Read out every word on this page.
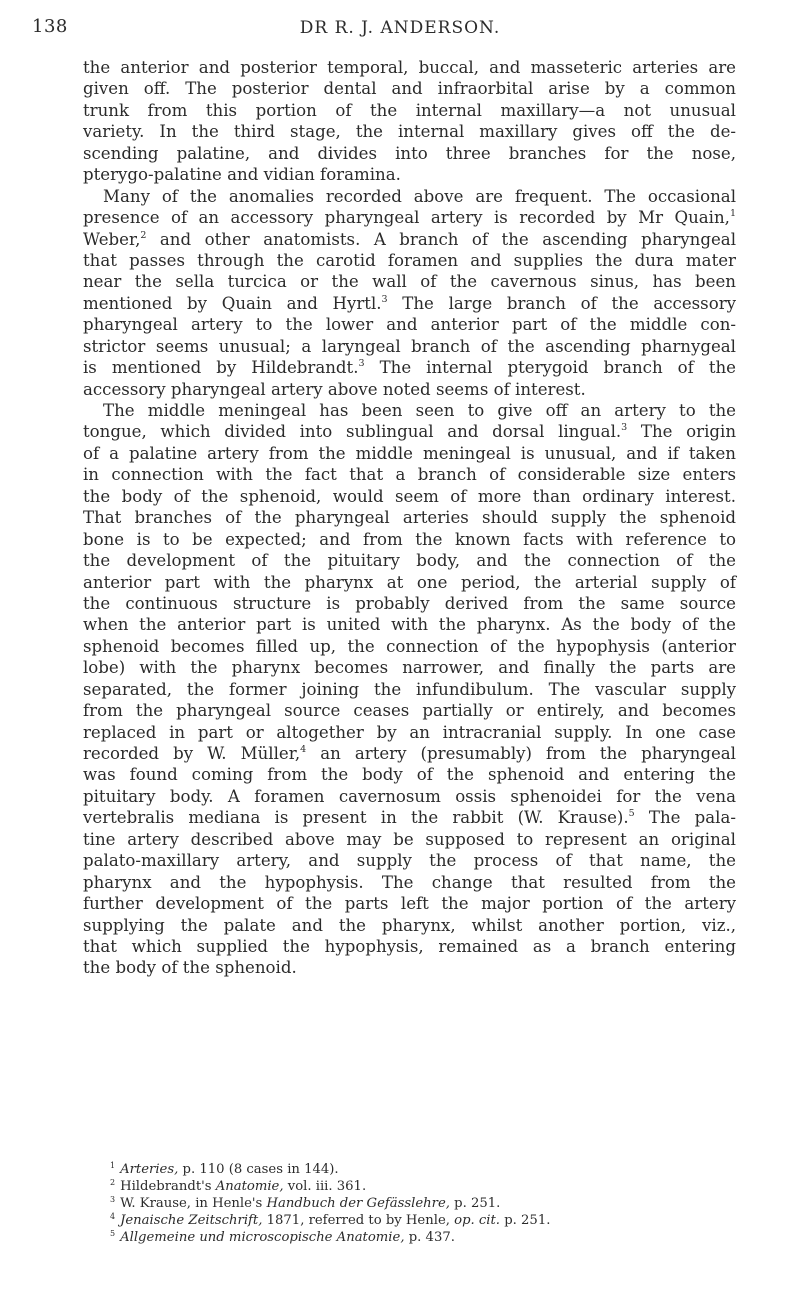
138	DR R. J. ANDERSON.
the anterior and posterior temporal, buccal, and masseteric arteries are
given off. The posterior dental and infraorbital arise by a common
trunk from this portion of the internal maxillary—a not unusual
variety. In the third stage, the internal maxillary gives off the de-
scending palatine, and divides into three branches for the nose,
pterygo-palatine and vidian foramina.
Many of the anomalies recorded above are frequent. The occasional
presence of an accessory pharyngeal artery is recorded by Mr Quain,$^1$
Weber,$^2$ and other anatomists. A branch of the ascending pharyngeal
that passes through the carotid foramen and supplies the dura mater
near the sella turcica or the wall of the cavernous sinus, has been
mentioned by Quain and Hyrtl.$^3$ The large branch of the accessory
pharyngeal artery to the lower and anterior part of the middle con-
strictor seems unusual; a laryngeal branch of the ascending pharnygeal
is mentioned by Hildebrandt.$^3$ The internal pterygoid branch of the
accessory pharyngeal artery above noted seems of interest.
The middle meningeal has been seen to give off an artery to the
tongue, which divided into sublingual and dorsal lingual.$^3$ The origin
of a palatine artery from the middle meningeal is unusual, and if taken
in connection with the fact that a branch of considerable size enters
the body of the sphenoid, would seem of more than ordinary interest.
That branches of the pharyngeal arteries should supply the sphenoid
bone is to be expected; and from the known facts with reference to
the development of the pituitary body, and the connection of the
anterior part with the pharynx at one period, the arterial supply of
the continuous structure is probably derived from the same source
when the anterior part is united with the pharynx. As the body of the
sphenoid becomes filled up, the connection of the hypophysis (anterior
lobe) with the pharynx becomes narrower, and finally the parts are
separated, the former joining the infundibulum. The vascular supply
from the pharyngeal source ceases partially or entirely, and becomes
replaced in part or altogether by an intracranial supply. In one case
recorded by W. Müller,$^4$ an artery (presumably) from the pharyngeal
was found coming from the body of the sphenoid and entering the
pituitary body. A foramen cavernosum ossis sphenoidei for the vena
vertebralis mediana is present in the rabbit (W. Krause).$^5$ The pala-
tine artery described above may be supposed to represent an original
palato-maxillary artery, and supply the process of that name, the
pharynx and the hypophysis. The change that resulted from the
further development of the parts left the major portion of the artery
supplying the palate and the pharynx, whilst another portion, viz.,
that which supplied the hypophysis, remained as a branch entering
the body of the sphenoid.
$^1$ Arteries, p. 110 (8 cases in 144).
$^2$ Hildebrandt's Anatomie, vol. iii. 361.
$^3$ W. Krause, in Henle's Handbuch der Gefässlehre, p. 251.
$^4$ Jenaische Zeitschrift, 1871, referred to by Henle, op. cit. p. 251.
$^5$ Allgemeine und microscopische Anatomie, p. 437.
